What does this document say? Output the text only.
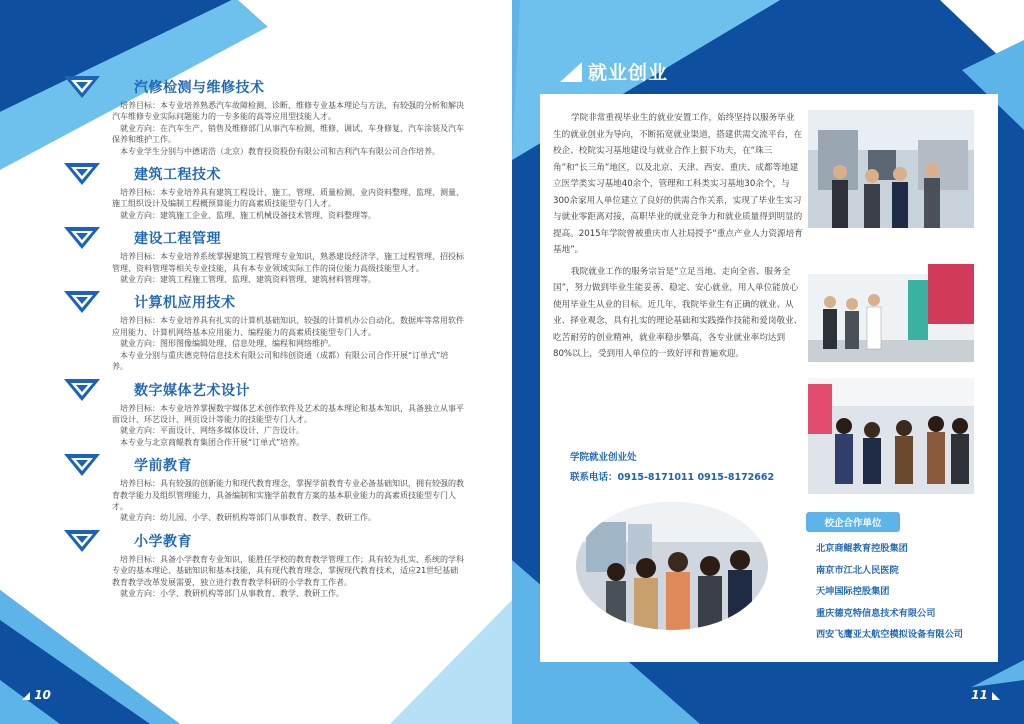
汽修检测与维修技术

培养目标：本专业培养熟悉汽车故障检测、诊断、维修专业基本理论与方法，有较强的分析和解决汽车维修专业实际问题能力的一专多能的高等应用型技能人才。

就业方向：在汽车生产、销售及维修部门从事汽车检测、维修、调试、车身修复、汽车涂装及汽车保养和维护工作。

本专业学生分别与中德诺浩（北京）教育投资股份有限公司和吉利汽车有限公司合作培养。

建筑工程技术

培养目标：本专业培养具有建筑工程设计、施工、管理、质量检测、业内资料整理、监理、测量、施工组织设计及编制工程概预算能力的高素质技能型专门人才。

就业方向：建筑施工企业、监理、施工机械设备技术管理、资料整理等。

建设工程管理

培养目标：本专业培养系统掌握建筑工程管理专业知识，熟悉建设经济学、施工过程管理、招投标管理、资料管理等相关专业技能，具有本专业领域实际工作的岗位能力高级技能型人才。

就业方向：建筑工程施工管理、监理、建筑资料管理、建筑材料管理等。

计算机应用技术

培养目标：本专业培养具有扎实的计算机基础知识、较强的计算机办公自动化、数据库等常用软件应用能力、计算机网络基本应用能力、编程能力的高素质技能型专门人才。

就业方向：图形图像编辑处理、信息处理、编程和网络维护。

本专业分别与重庆德克特信息技术有限公司和纬创资通（成都）有限公司合作开展“订单式”培养。

数字媒体艺术设计

培养目标：本专业培养掌握数字媒体艺术创作软件及艺术的基本理论和基本知识，具备独立从事平面设计、环艺设计、网页设计等能力的技能型专门人才。

就业方向：平面设计、网络多媒体设计、广告设计。

本专业与北京商鲲教育集团合作开展“订单式”培养。

学前教育

培养目标：具有较强的创新能力和现代教育理念，掌握学前教育专业必备基础知识，拥有较强的教育教学能力及组织管理能力，具备编制和实施学前教育方案的基本职业能力的高素质技能型专门人才。

就业方向：幼儿园、小学、教研机构等部门从事教育、教学、教研工作。

小学教育

培养目标：具备小学教育专业知识，能胜任学校的教育教学管理工作；具有较为扎实、系统的学科专业的基本理论、基础知识和基本技能，具有现代教育理念，掌握现代教育技术，适应21世纪基础教育教学改革发展需要，独立进行教育教学科研的小学教育工作者。

就业方向：小学、教研机构等部门从事教育、教学、教研工作。

10
就业创业

学院非常重视毕业生的就业安置工作，始终坚持以服务毕业生的就业创业为导向，不断拓宽就业渠道，搭建供需交流平台，在校企、校院实习基地建设与就业合作上狠下功夫，在“珠三角”和“长三角”地区，以及北京、天津、西安、重庆、成都等地建立医学类实习基地40余个，管理和工科类实习基地30余个，与300余家用人单位建立了良好的供需合作关系，实现了毕业生实习与就业零距离对接，高职毕业的就业竞争力和就业质量得到明显的提高。2015年学院曾被重庆市人社局授予“重点产业人力资源培育基地”。

我院就业工作的服务宗旨是“立足当地、走向全省、服务全国”，努力做到毕业生能妥善、稳定、安心就业，用人单位能放心使用毕业生从业的目标。近几年，我院毕业生有正确的就业、从业、择业观念，具有扎实的理论基础和实践操作技能和爱岗敬业、吃苦耐劳的创业精神，就业率稳步攀高，各专业就业率均达到80%以上，受到用人单位的一致好评和普遍欢迎。

学院就业创业处
联系电话：0915-8171011 0915-8172662
校企合作单位
北京商鲲教育控股集团
南京市江北人民医院
天坤国际控股集团
重庆德克特信息技术有限公司
西安飞鹰亚太航空模拟设备有限公司
11
